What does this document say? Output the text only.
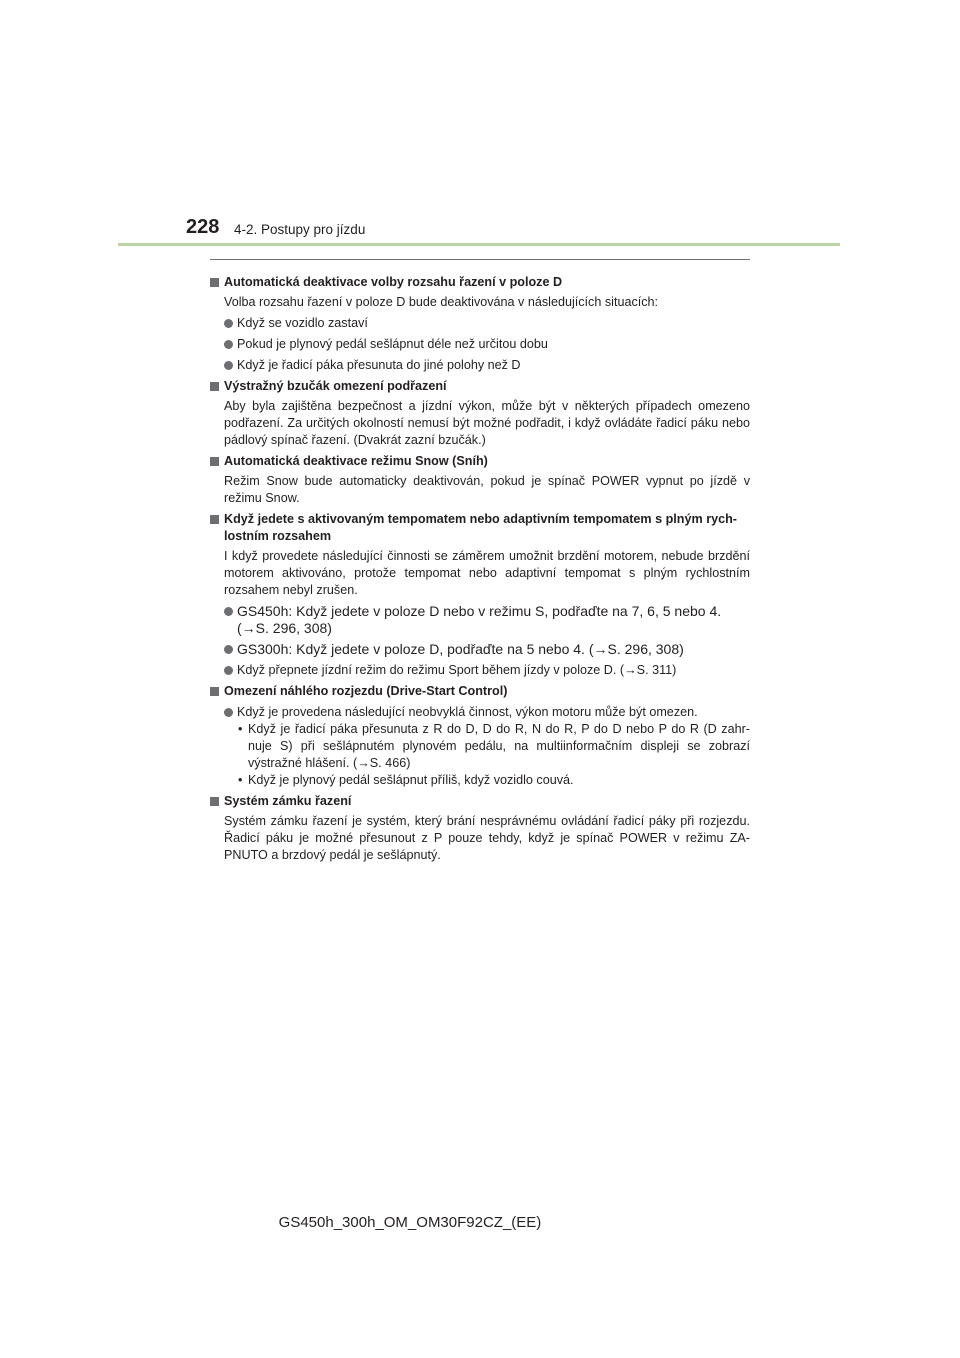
228 4-2. Postupy pro jízdu
Automatická deaktivace volby rozsahu řazení v poloze D
Volba rozsahu řazení v poloze D bude deaktivována v následujících situacích:
Když se vozidlo zastaví
Pokud je plynový pedál sešlápnut déle než určitou dobu
Když je řadicí páka přesunuta do jiné polohy než D
Výstražný bzučák omezení podřazení
Aby byla zajištěna bezpečnost a jízdní výkon, může být v některých případech omezeno podřazení. Za určitých okolností nemusí být možné podřadit, i když ovládáte řadicí páku nebo pádlový spínač řazení. (Dvakrát zazní bzučák.)
Automatická deaktivace režimu Snow (Sníh)
Režim Snow bude automaticky deaktivován, pokud je spínač POWER vypnut po jízdě v režimu Snow.
Když jedete s aktivovaným tempomatem nebo adaptivním tempomatem s plným rych-lostním rozsahem
I když provedete následující činnosti se záměrem umožnit brzdění motorem, nebude brzdění motorem aktivováno, protože tempomat nebo adaptivní tempomat s plným rychlostním rozsahem nebyl zrušen.
GS450h: Když jedete v poloze D nebo v režimu S, podřaďte na 7, 6, 5 nebo 4. (→S. 296, 308)
GS300h: Když jedete v poloze D, podřaďte na 5 nebo 4. (→S. 296, 308)
Když přepnete jízdní režim do režimu Sport během jízdy v poloze D. (→S. 311)
Omezení náhlého rozjezdu (Drive-Start Control)
Když je provedena následující neobvyklá činnost, výkon motoru může být omezen.
• Když je řadicí páka přesunuta z R do D, D do R, N do R, P do D nebo P do R (D zahr-nuje S) při sešlápnutém plynovém pedálu, na multiinformačním displeji se zobrazí výstražné hlášení. (→S. 466)
• Když je plynový pedál sešlápnut příliš, když vozidlo couvá.
Systém zámku řazení
Systém zámku řazení je systém, který brání nesprávnému ovládání řadicí páky při rozjezdu. Řadicí páku je možné přesunout z P pouze tehdy, když je spínač POWER v režimu ZA-PNUTO a brzdový pedál je sešlápnutý.
GS450h_300h_OM_OM30F92CZ_(EE)
